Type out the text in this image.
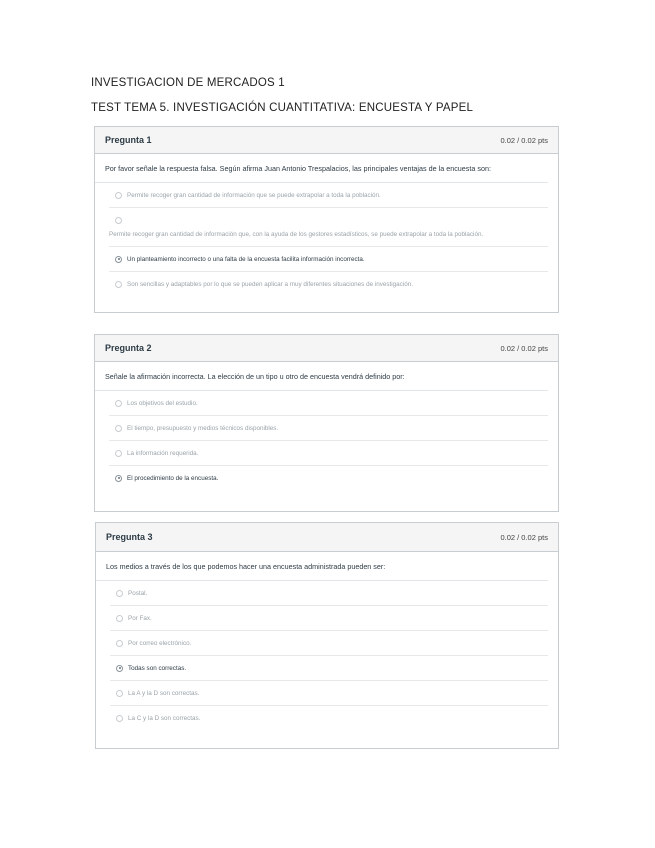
INVESTIGACION DE MERCADOS 1
TEST TEMA 5. INVESTIGACIÓN CUANTITATIVA: ENCUESTA Y PAPEL
Pregunta 1	0.02 / 0.02 pts
Por favor señale la respuesta falsa. Según afirma Juan Antonio Trespalacios, las principales ventajas de la encuesta son:
Permite recoger gran cantidad de información que se puede extrapolar a toda la población.
Permite recoger gran cantidad de información que, con la ayuda de los gestores estadísticos, se puede extrapolar a toda la población.
Un planteamiento incorrecto o una falta de la encuesta facilita información incorrecta.
Son sencillas y adaptables por lo que se pueden aplicar a muy diferentes situaciones de investigación.
Pregunta 2	0.02 / 0.02 pts
Señale la afirmación incorrecta. La elección de un tipo u otro de encuesta vendrá definido por:
Los objetivos del estudio.
El tiempo, presupuesto y medios técnicos disponibles.
La información requerida.
El procedimiento de la encuesta.
Pregunta 3	0.02 / 0.02 pts
Los medios a través de los que podemos hacer una encuesta administrada pueden ser:
Postal.
Por Fax.
Por correo electrónico.
Todas son correctas.
La A y la D son correctas.
La C y la D son correctas.
